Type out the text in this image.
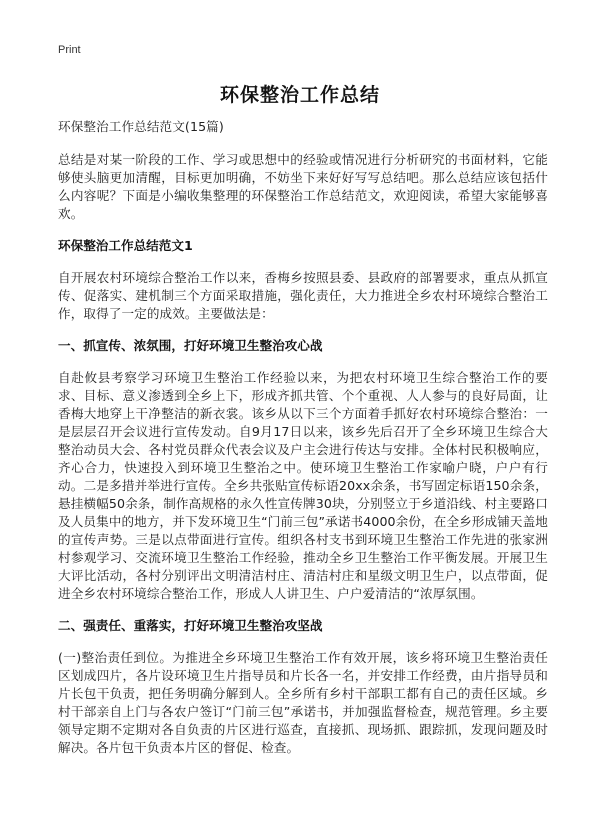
Print
环保整治工作总结

环保整治工作总结范文(15篇)

总结是对某一阶段的工作、学习或思想中的经验或情况进行分析研究的书面材料，它能够使头脑更加清醒，目标更加明确，不妨坐下来好好写写总结吧。那么总结应该包括什么内容呢？下面是小编收集整理的环保整治工作总结范文，欢迎阅读，希望大家能够喜欢。

环保整治工作总结范文1

自开展农村环境综合整治工作以来，香梅乡按照县委、县政府的部署要求，重点从抓宣传、促落实、建机制三个方面采取措施，强化责任，大力推进全乡农村环境综合整治工作，取得了一定的成效。主要做法是：

一、抓宣传、浓氛围，打好环境卫生整治攻心战

自赴攸县考察学习环境卫生整治工作经验以来，为把农村环境卫生综合整治工作的要求、目标、意义渗透到全乡上下，形成齐抓共管、个个重视、人人参与的良好局面，让香梅大地穿上干净整洁的新衣裳。该乡从以下三个方面着手抓好农村环境综合整治：一是层层召开会议进行宣传发动。自9月17日以来，该乡先后召开了全乡环境卫生综合大整治动员大会、各村党员群众代表会议及户主会进行传达与安排。全体村民积极响应，齐心合力，快速投入到环境卫生整治之中。使环境卫生整治工作家喻户晓，户户有行动。二是多措并举进行宣传。全乡共张贴宣传标语20xx余条，书写固定标语150余条，悬挂横幅50余条，制作高规格的永久性宣传牌30块，分别竖立于乡道沿线、村主要路口及人员集中的地方，并下发环境卫生“门前三包”承诺书4000余份，在全乡形成铺天盖地的宣传声势。三是以点带面进行宣传。组织各村支书到环境卫生整治工作先进的张家洲村参观学习、交流环境卫生整治工作经验，推动全乡卫生整治工作平衡发展。开展卫生大评比活动，各村分别评出文明清洁村庄、清洁村庄和星级文明卫生户，以点带面，促进全乡农村环境综合整治工作，形成人人讲卫生、户户爱清洁的“浓厚氛围。

二、强责任、重落实，打好环境卫生整治攻坚战

(一)整治责任到位。为推进全乡环境卫生整治工作有效开展，该乡将环境卫生整治责任区划成四片，各片设环境卫生片指导员和片长各一名，并安排工作经费，由片指导员和片长包干负责，把任务明确分解到人。全乡所有乡村干部职工都有自己的责任区域。乡村干部亲自上门与各农户签订“门前三包”承诺书，并加强监督检查，规范管理。乡主要领导定期不定期对各自负责的片区进行巡查，直接抓、现场抓、跟踪抓，发现问题及时解决。各片包干负责本片区的督促、检查。
